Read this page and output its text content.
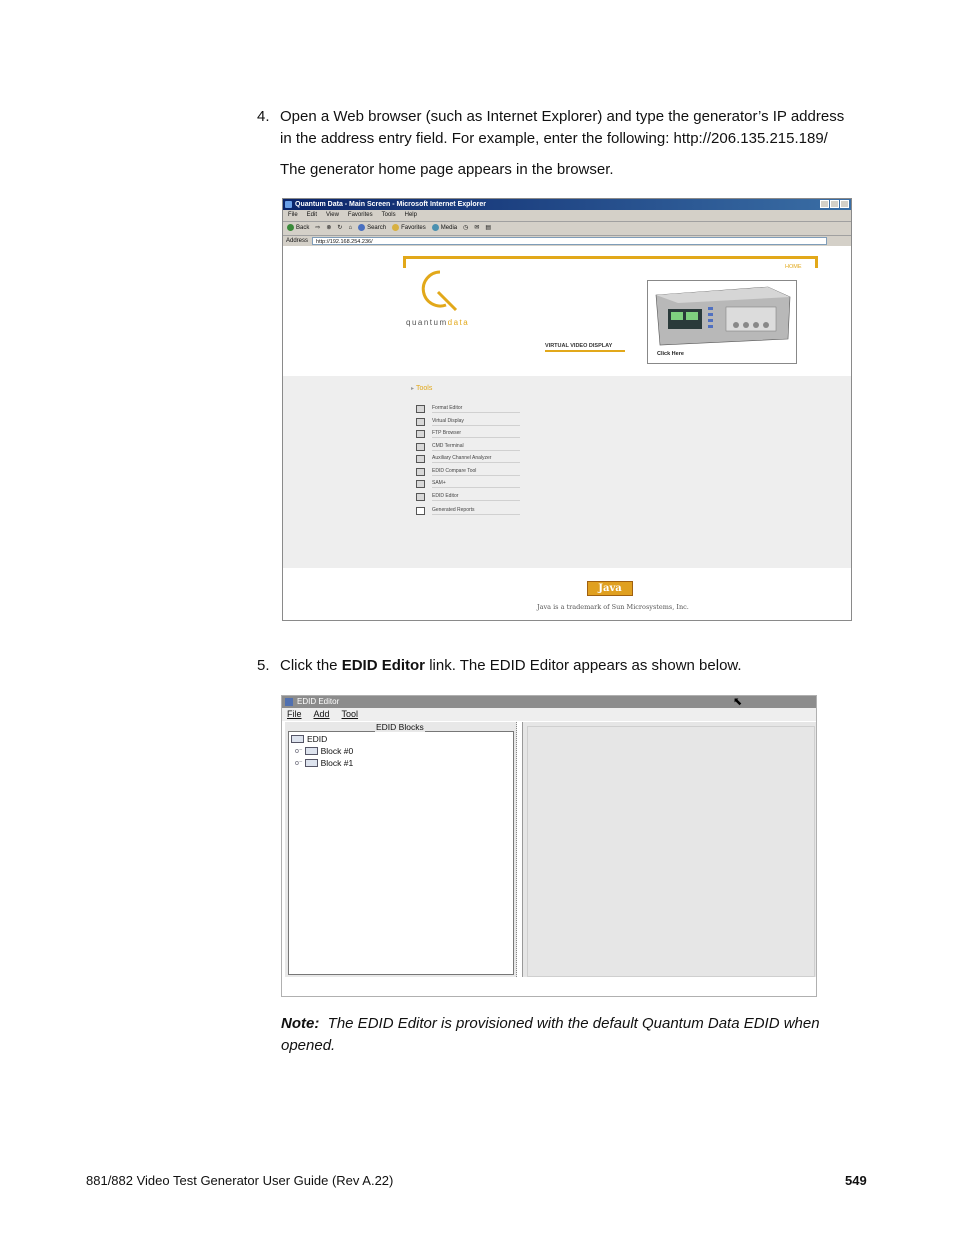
4. Open a Web browser (such as Internet Explorer) and type the generator’s IP address
in the address entry field. For example, enter the following: http://206.135.215.189/
The generator home page appears in the browser.
Quantum Data - Main Screen - Microsoft Internet Explorer
File Edit View Favorites Tools Help
Back ⇨ ⊗ ↻ ⌂	Search	Favorites	Media ◷ ✉ ▤
Address	http://192.168.254.236/
HOME
quantumdata
VIRTUAL VIDEO DISPLAY
Click Here
▸ Tools
Format Editor
Virtual Display
FTP Browser
CMD Terminal
Auxiliary Channel Analyzer
EDID Compare Tool
SAM+
EDID Editor
Generated Reports
Java
Java is a trademark of Sun Microsystems, Inc.
5. Click the EDID Editor link. The EDID Editor appears as shown below.
EDID Editor	⬉
File Add Tool
EDID Blocks
EDID
o⁻ Block #0
o⁻ Block #1
Note: The EDID Editor is provisioned with the default Quantum Data EDID when opened.
881/882 Video Test Generator User Guide (Rev A.22)	549
